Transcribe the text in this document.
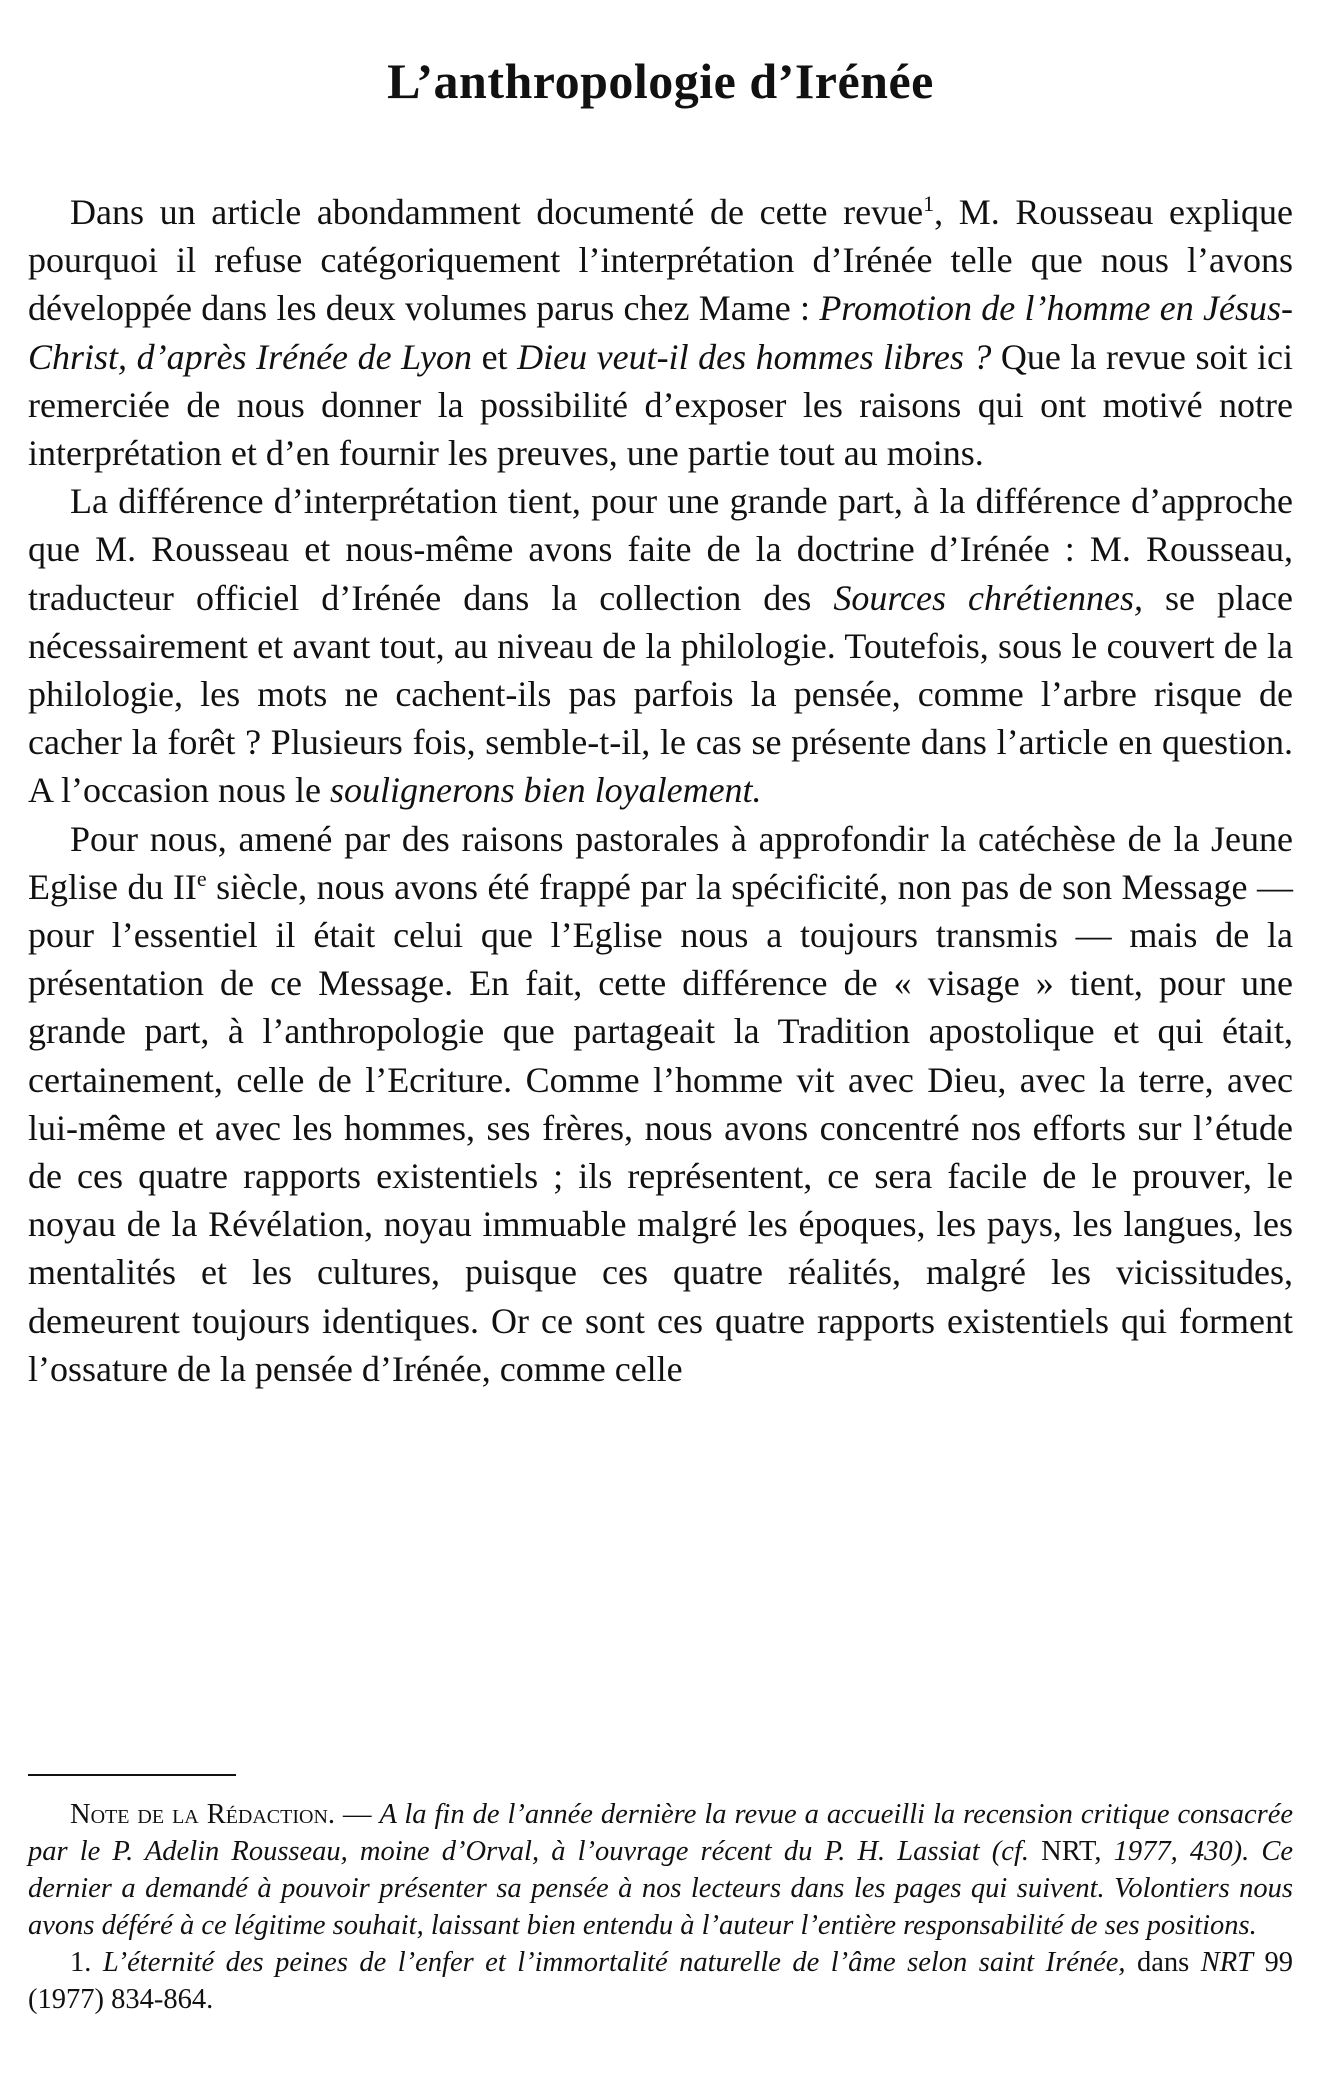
L’anthropologie d’Irénée

Dans un article abondamment documenté de cette revue$^1$, M. Rousseau explique pourquoi il refuse catégoriquement l’interprétation d’Irénée telle que nous l’avons développée dans les deux volumes parus chez Mame : Promotion de l’homme en Jésus-Christ, d’après Irénée de Lyon et Dieu veut-il des hommes libres ? Que la revue soit ici remerciée de nous donner la possibilité d’exposer les raisons qui ont motivé notre interprétation et d’en fournir les preuves, une partie tout au moins.

La différence d’interprétation tient, pour une grande part, à la différence d’approche que M. Rousseau et nous-même avons faite de la doctrine d’Irénée : M. Rousseau, traducteur officiel d’Irénée dans la collection des Sources chrétiennes, se place nécessairement et avant tout, au niveau de la philologie. Toutefois, sous le couvert de la philologie, les mots ne cachent-ils pas parfois la pensée, comme l’arbre risque de cacher la forêt ? Plusieurs fois, semble-t-il, le cas se présente dans l’article en question. A l’occasion nous le soulignerons bien loyalement.

Pour nous, amené par des raisons pastorales à approfondir la catéchèse de la Jeune Eglise du IIe siècle, nous avons été frappé par la spécificité, non pas de son Message — pour l’essentiel il était celui que l’Eglise nous a toujours transmis — mais de la présentation de ce Message. En fait, cette différence de « visage » tient, pour une grande part, à l’anthropologie que partageait la Tradition apostolique et qui était, certainement, celle de l’Ecriture. Comme l’homme vit avec Dieu, avec la terre, avec lui-même et avec les hommes, ses frères, nous avons concentré nos efforts sur l’étude de ces quatre rapports existentiels ; ils représentent, ce sera facile de le prouver, le noyau de la Révélation, noyau immuable malgré les époques, les pays, les langues, les mentalités et les cultures, puisque ces quatre réalités, malgré les vicissitudes, demeurent toujours identiques. Or ce sont ces quatre rapports existentiels qui forment l’ossature de la pensée d’Irénée, comme celle

Note de la Rédaction. — A la fin de l’année dernière la revue a accueilli la recension critique consacrée par le P. Adelin Rousseau, moine d’Orval, à l’ouvrage récent du P. H. Lassiat (cf. NRT, 1977, 430). Ce dernier a demandé à pouvoir présenter sa pensée à nos lecteurs dans les pages qui suivent. Volontiers nous avons déféré à ce légitime souhait, laissant bien entendu à l’auteur l’entière responsabilité de ses positions.

1. L’éternité des peines de l’enfer et l’immortalité naturelle de l’âme selon saint Irénée, dans NRT 99 (1977) 834-864.
